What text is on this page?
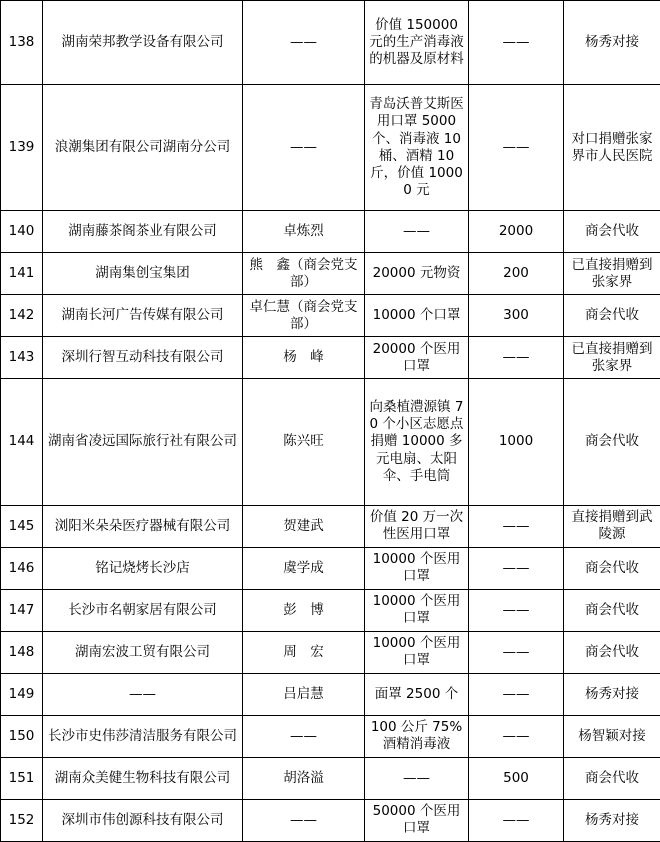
138	湖南荣邦教学设备有限公司	——	价值 150000 元的生产消毒液的机器及原材料	——	杨秀对接
139	浪潮集团有限公司湖南分公司	——	青岛沃普艾斯医用口罩 5000 个、消毒液 10 桶、酒精 10 斤，价值 10000 元	——	对口捐赠张家界市人民医院
140	湖南藤茶阁茶业有限公司	卓炼烈	——	2000	商会代收
141	湖南集创宝集团	熊　鑫（商会党支部）	20000 元物资	200	已直接捐赠到张家界
142	湖南长河广告传媒有限公司	卓仁慧（商会党支部）	10000 个口罩	300	商会代收
143	深圳行智互动科技有限公司	杨　峰	20000 个医用口罩	——	已直接捐赠到张家界
144	湖南省凌远国际旅行社有限公司	陈兴旺	向桑植澧源镇 70 个小区志愿点捐赠 10000 多元电扇、太阳伞、手电筒	1000	商会代收
145	浏阳米朵朵医疗器械有限公司	贺建武	价值 20 万一次性医用口罩	——	直接捐赠到武陵源
146	铭记烧烤长沙店	虞学成	10000 个医用口罩	——	商会代收
147	长沙市名朝家居有限公司	彭　博	10000 个医用口罩	——	商会代收
148	湖南宏波工贸有限公司	周　宏	10000 个医用口罩	——	商会代收
149	——	吕启慧	面罩 2500 个	——	杨秀对接
150	长沙市史伟莎清洁服务有限公司	——	100 公斤 75% 酒精消毒液	——	杨智颖对接
151	湖南众美健生物科技有限公司	胡洛溢	——	500	商会代收
152	深圳市伟创源科技有限公司	——	50000 个医用口罩	——	杨秀对接
